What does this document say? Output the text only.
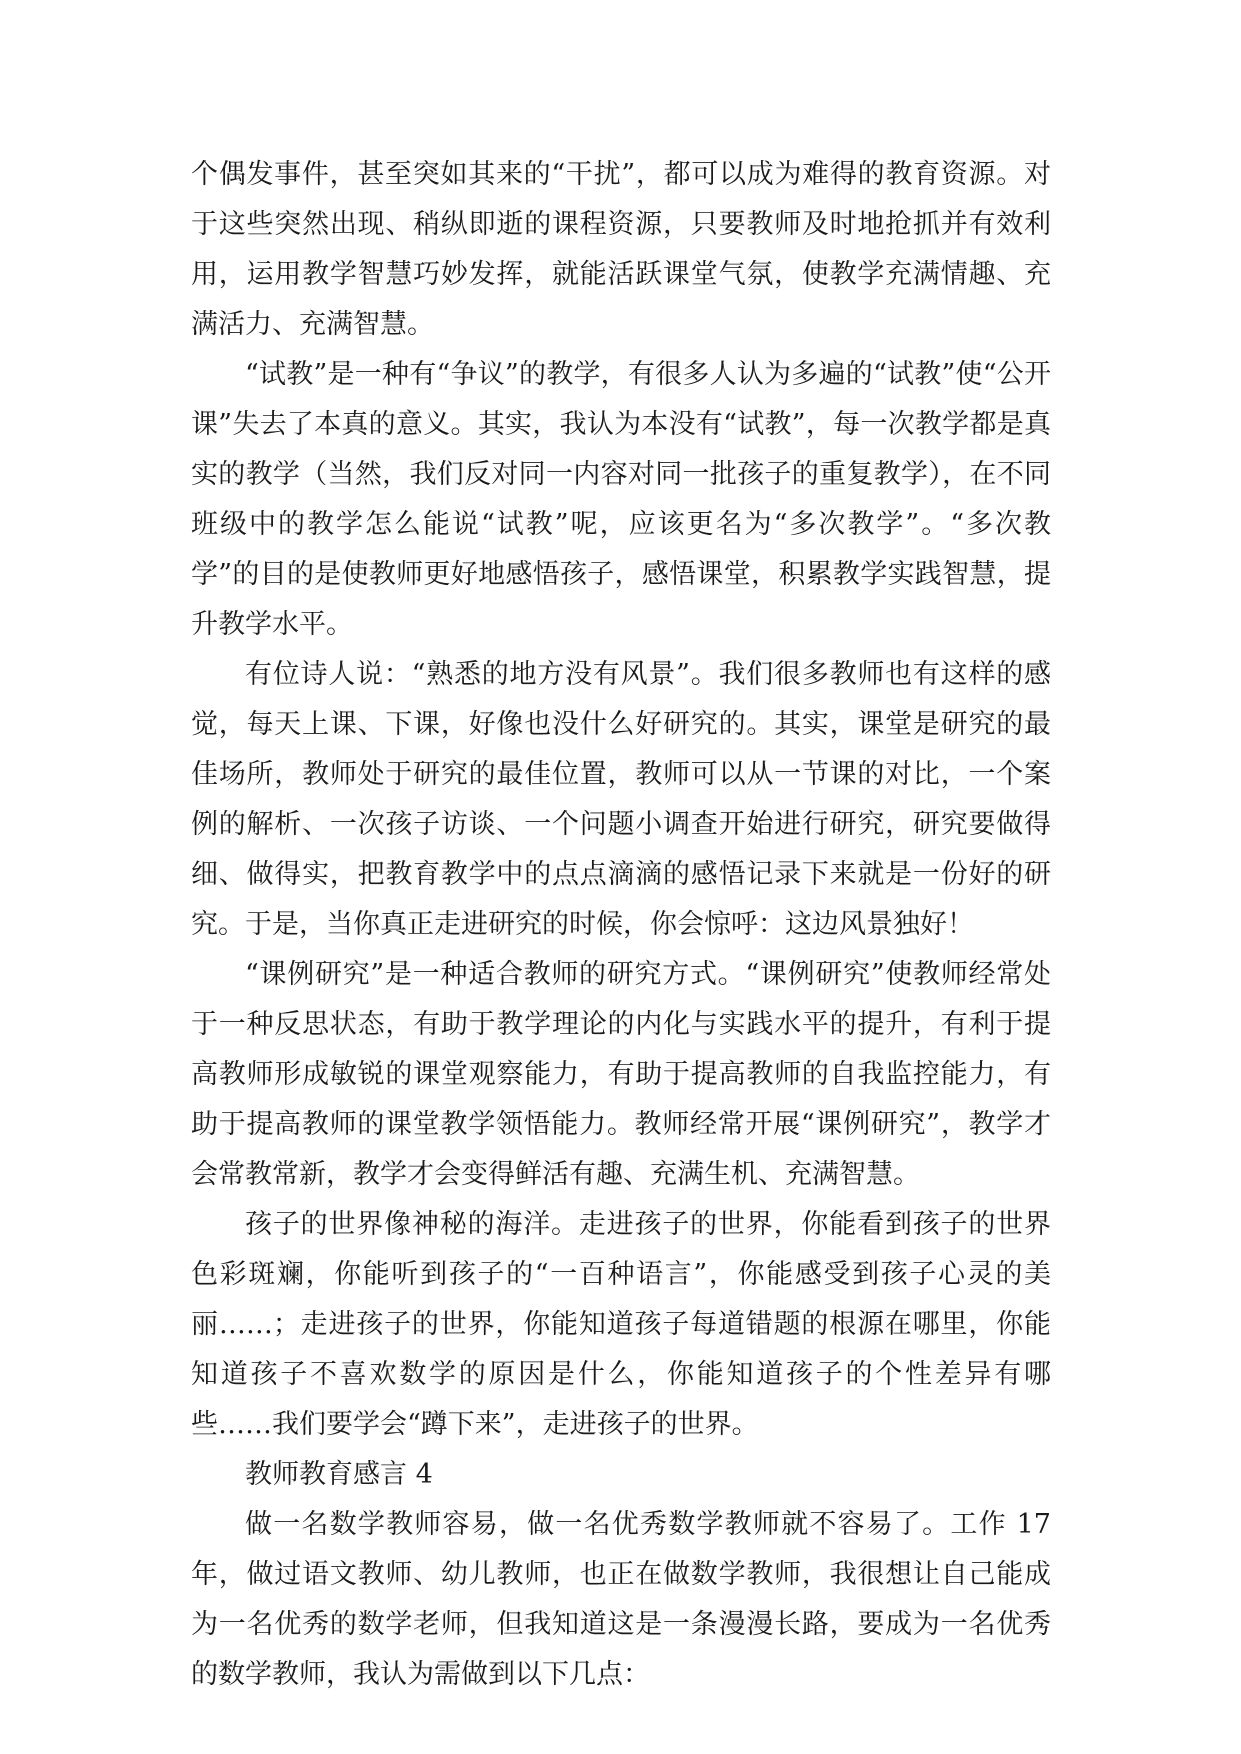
个偶发事件，甚至突如其来的“干扰”，都可以成为难得的教育资源。对于这些突然出现、稍纵即逝的课程资源，只要教师及时地抢抓并有效利用，运用教学智慧巧妙发挥，就能活跃课堂气氛，使教学充满情趣、充满活力、充满智慧。

“试教”是一种有“争议”的教学，有很多人认为多遍的“试教”使“公开课”失去了本真的意义。其实，我认为本没有“试教”，每一次教学都是真实的教学（当然，我们反对同一内容对同一批孩子的重复教学），在不同班级中的教学怎么能说“试教”呢，应该更名为“多次教学”。“多次教学”的目的是使教师更好地感悟孩子，感悟课堂，积累教学实践智慧，提升教学水平。

有位诗人说：“熟悉的地方没有风景”。我们很多教师也有这样的感觉，每天上课、下课，好像也没什么好研究的。其实，课堂是研究的最佳场所，教师处于研究的最佳位置，教师可以从一节课的对比，一个案例的解析、一次孩子访谈、一个问题小调查开始进行研究，研究要做得细、做得实，把教育教学中的点点滴滴的感悟记录下来就是一份好的研究。于是，当你真正走进研究的时候，你会惊呼：这边风景独好！

“课例研究”是一种适合教师的研究方式。“课例研究”使教师经常处于一种反思状态，有助于教学理论的内化与实践水平的提升，有利于提高教师形成敏锐的课堂观察能力，有助于提高教师的自我监控能力，有助于提高教师的课堂教学领悟能力。教师经常开展“课例研究”，教学才会常教常新，教学才会变得鲜活有趣、充满生机、充满智慧。

孩子的世界像神秘的海洋。走进孩子的世界，你能看到孩子的世界色彩斑斓，你能听到孩子的“一百种语言”，你能感受到孩子心灵的美丽……；走进孩子的世界，你能知道孩子每道错题的根源在哪里，你能知道孩子不喜欢数学的原因是什么，你能知道孩子的个性差异有哪些……我们要学会“蹲下来”，走进孩子的世界。

教师教育感言 4

做一名数学教师容易，做一名优秀数学教师就不容易了。工作 17 年，做过语文教师、幼儿教师，也正在做数学教师，我很想让自己能成为一名优秀的数学老师，但我知道这是一条漫漫长路，要成为一名优秀的数学教师，我认为需做到以下几点：
